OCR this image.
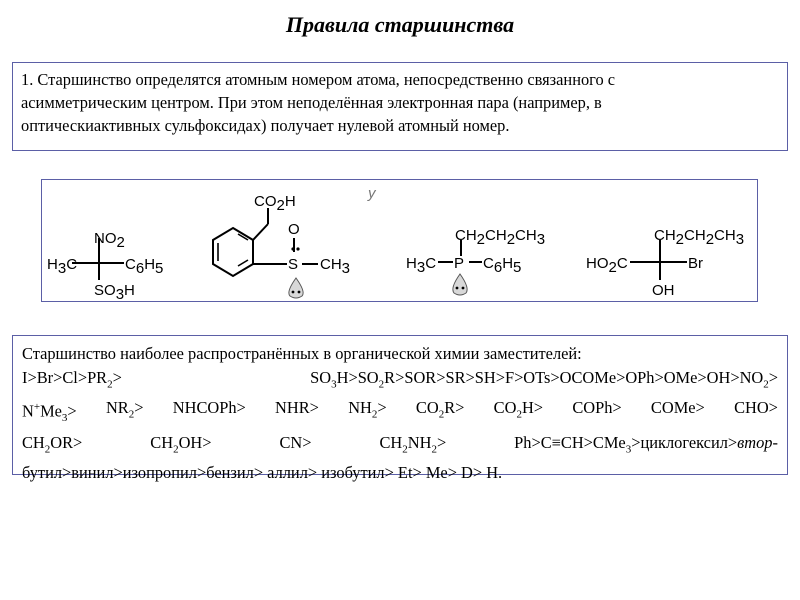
Правила старшинства
1. Старшинство определятся атомным номером атома, непосредственно связанного с
асимметрическим центром. При этом неподелённая электронная пара (например, в
оптическиактивных сульфоксидах) получает нулевой атомный номер.
у
NO2
H3C	C6H5
SO3H
CO2H
S
O
CH3
CH2CH2CH3
H3C P C6H5
CH2CH2CH3
HO2C	Br
OH
Старшинство наиболее распространённых в органической химии заместителей:
$I>Br>Cl>PR_2>$	$SO_3H>SO_2R>SOR>SR>SH>F>OTs>OCOMe>OPh>OMe>OH>NO_2>$
$N^+Me_3> NR_2>$ NHCOPh> $NHR> NH_2> CO_2R> CO_2H>$ COPh> COMe> CHO>
$CH_2OR>$	$CH_2OH>$	CN>	$CH_2NH_2>$	Ph>C≡CH>CMe$_3$>циклогексил>втор-
бутил>винил>изопропил>бензил> аллил> изобутил> Et> Me> D> H.
